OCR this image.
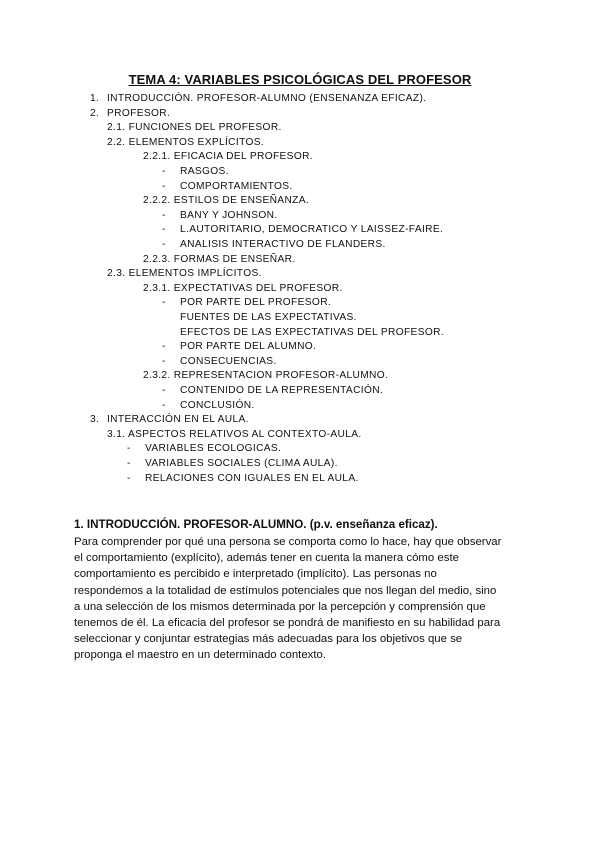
TEMA 4: VARIABLES PSICOLÓGICAS DEL PROFESOR
1. INTRODUCCIÓN. PROFESOR-ALUMNO (ENSENANZA EFICAZ).
2. PROFESOR.
2.1. FUNCIONES DEL PROFESOR.
2.2. ELEMENTOS EXPLÍCITOS.
2.2.1. EFICACIA DEL PROFESOR.
- RASGOS.
- COMPORTAMIENTOS.
2.2.2. ESTILOS DE ENSEÑANZA.
- BANY Y JOHNSON.
- L.AUTORITARIO, DEMOCRATICO Y LAISSEZ-FAIRE.
- ANALISIS INTERACTIVO DE FLANDERS.
2.2.3. FORMAS DE ENSEÑAR.
2.3. ELEMENTOS IMPLÍCITOS.
2.3.1. EXPECTATIVAS DEL PROFESOR.
- POR PARTE DEL PROFESOR.
FUENTES DE LAS EXPECTATIVAS.
EFECTOS DE LAS EXPECTATIVAS DEL PROFESOR.
- POR PARTE DEL ALUMNO.
- CONSECUENCIAS.
2.3.2. REPRESENTACION PROFESOR-ALUMNO.
- CONTENIDO DE LA REPRESENTACIÓN.
- CONCLUSIÓN.
3. INTERACCIÓN EN EL AULA.
3.1. ASPECTOS RELATIVOS AL CONTEXTO-AULA.
- VARIABLES ECOLOGICAS.
- VARIABLES SOCIALES (CLIMA AULA).
- RELACIONES CON IGUALES EN EL AULA.
1. INTRODUCCIÓN. PROFESOR-ALUMNO. (p.v. enseñanza eficaz).
Para comprender por qué una persona se comporta como lo hace, hay que observar
el comportamiento (explícito), además tener en cuenta la manera cómo este
comportamiento es percibido e interpretado (implícito). Las personas no
respondemos a la totalidad de estímulos potenciales que nos llegan del medio, sino
a una selección de los mismos determinada por la percepción y comprensión que
tenemos de él. La eficacia del profesor se pondrá de manifiesto en su habilidad para
seleccionar y conjuntar estrategias más adecuadas para los objetivos que se
proponga el maestro en un determinado contexto.
